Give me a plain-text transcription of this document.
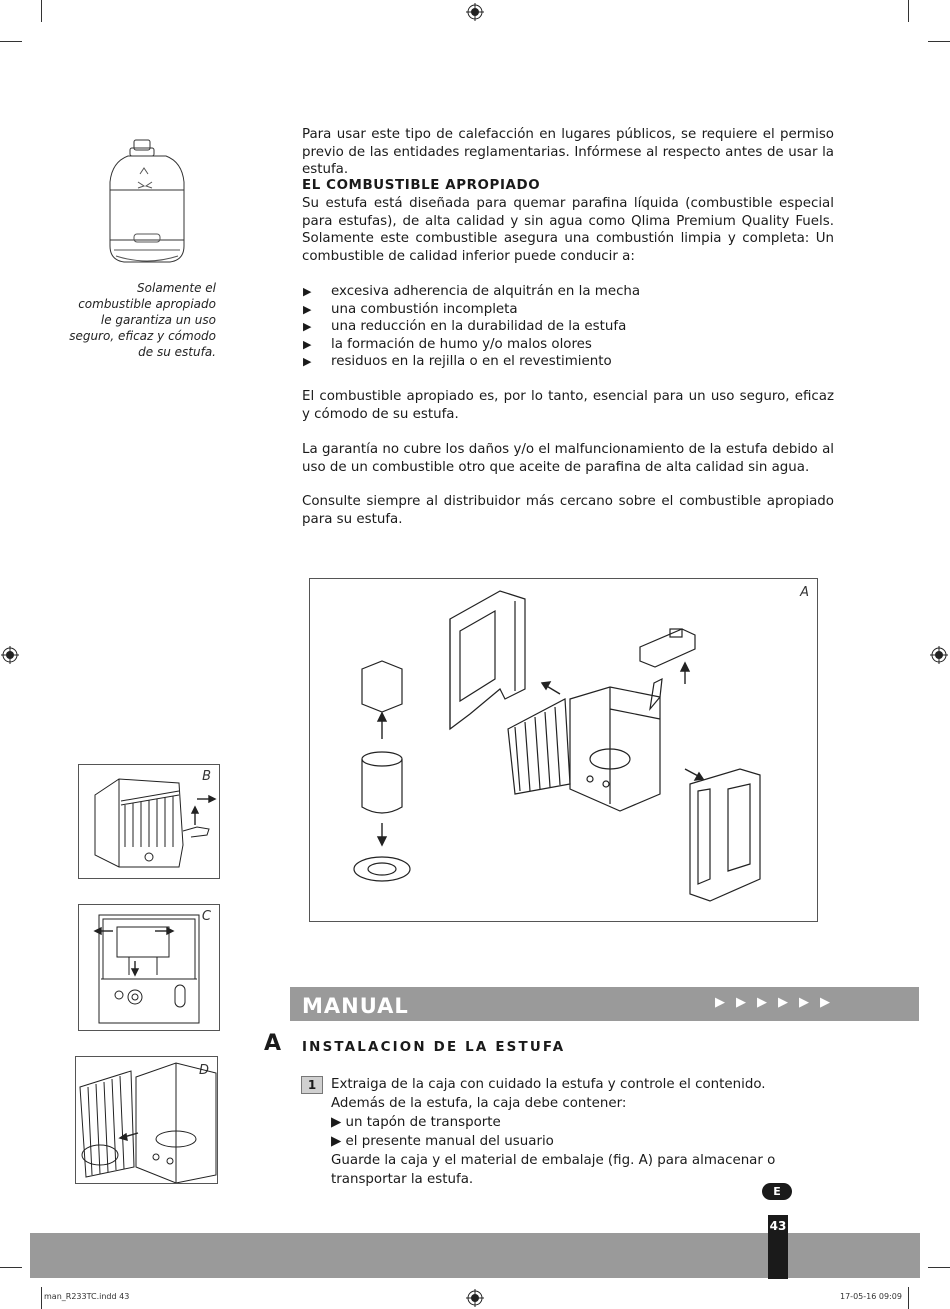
Solamente el
combustible apropiado
le garantiza un uso
seguro, eficaz y cómodo
de su estufa.

Para usar este tipo de calefacción en lugares públicos, se requiere el permiso previo de las entidades reglamentarias. Infórmese al respecto antes de usar la estufa.

EL COMBUSTIBLE APROPIADO

Su estufa está diseñada para quemar parafina líquida (combustible especial para estufas), de alta calidad y sin agua como Qlima Premium Quality Fuels. Solamente este combustible asegura una combustión limpia y completa: Un combustible de calidad inferior puede conducir a:

▶ excesiva adherencia de alquitrán en la mecha
▶ una combustión incompleta
▶ una reducción en la durabilidad de la estufa
▶ la formación de humo y/o malos olores
▶ residuos en la rejilla o en el revestimiento

El combustible apropiado es, por lo tanto, esencial para un uso seguro, eficaz y cómodo de su estufa.

La garantía no cubre los daños y/o el malfuncionamiento de la estufa debido al uso de un combustible otro que aceite de parafina de alta calidad sin agua.

Consulte siempre al distribuidor más cercano sobre el combustible apropiado para su estufa.

A
B
C
D
MANUAL	▶▶▶▶▶▶
A INSTALACION DE LA ESTUFA
1	Extraiga de la caja con cuidado la estufa y controle el contenido.
Además de la estufa, la caja debe contener:
▶ un tapón de transporte
▶ el presente manual del usuario
Guarde la caja y el material de embalaje (fig. A) para almacenar o transportar la estufa.
E
43
man_R233TC.indd 43	17-05-16 09:09
